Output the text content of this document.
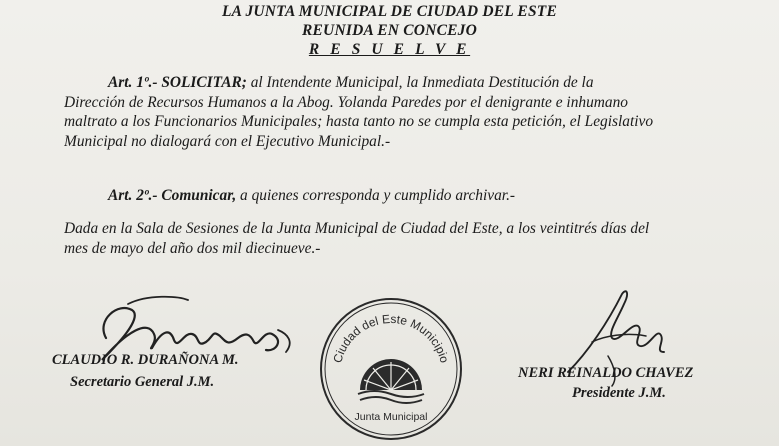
LA JUNTA MUNICIPAL DE CIUDAD DEL ESTE
REUNIDA EN CONCEJO
R E S U E L V E
Art. 1º.- SOLICITAR; al Intendente Municipal, la Inmediata Destitución de la
Dirección de Recursos Humanos a la Abog. Yolanda Paredes por el denigrante e inhumano
maltrato a los Funcionarios Municipales; hasta tanto no se cumpla esta petición, el Legislativo
Municipal no dialogará con el Ejecutivo Municipal.-
Art. 2º.- Comunicar, a quienes corresponda y cumplido archivar.-
Dada en la Sala de Sesiones de la Junta Municipal de Ciudad del Este, a los veintitrés días del
mes de mayo del año dos mil diecinueve.-
CLAUDIO R. DURAÑONA M.
Secretario General J.M.
Ciudad del Este Municipio
Junta Municipal
NERI REINALDO CHAVEZ
Presidente J.M.
